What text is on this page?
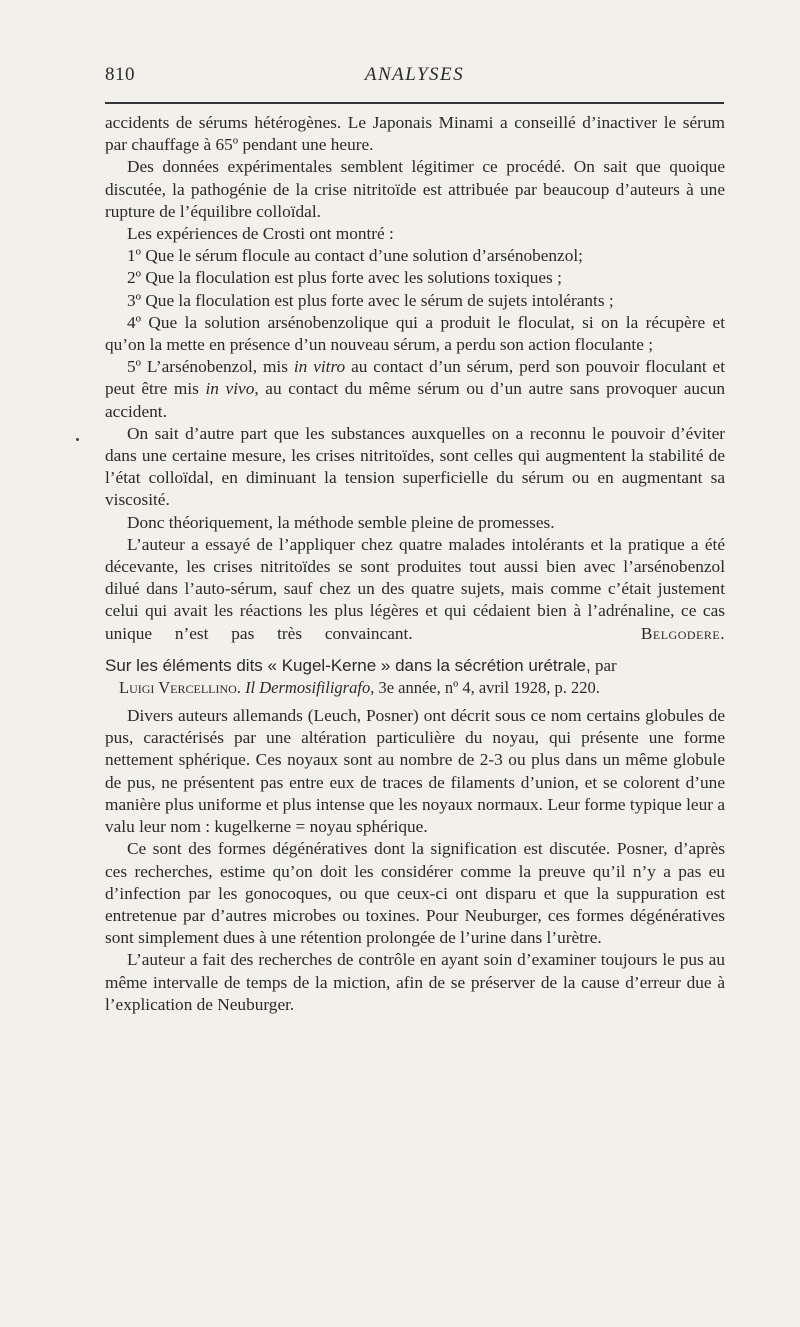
810	ANALYSES

accidents de sérums hétérogènes. Le Japonais Minami a conseillé d’inactiver le sérum par chauffage à 65º pendant une heure.

Des données expérimentales semblent légitimer ce procédé. On sait que quoique discutée, la pathogénie de la crise nitritoïde est attribuée par beaucoup d’auteurs à une rupture de l’équilibre colloïdal.

Les expériences de Crosti ont montré :

1º Que le sérum flocule au contact d’une solution d’arsénobenzol;

2º Que la floculation est plus forte avec les solutions toxiques ;

3º Que la floculation est plus forte avec le sérum de sujets intolérants ;

4º Que la solution arsénobenzolique qui a produit le floculat, si on la récupère et qu’on la mette en présence d’un nouveau sérum, a perdu son action floculante ;

5º L’arsénobenzol, mis in vitro au contact d’un sérum, perd son pouvoir floculant et peut être mis in vivo, au contact du même sérum ou d’un autre sans provoquer aucun accident.

On sait d’autre part que les substances auxquelles on a reconnu le pouvoir d’éviter dans une certaine mesure, les crises nitritoïdes, sont celles qui augmentent la stabilité de l’état colloïdal, en diminuant la tension superficielle du sérum ou en augmentant sa viscosité.

Donc théoriquement, la méthode semble pleine de promesses.

L’auteur a essayé de l’appliquer chez quatre malades intolérants et la pratique a été décevante, les crises nitritoïdes se sont produites tout aussi bien avec l’arsénobenzol dilué dans l’auto-sérum, sauf chez un des quatre sujets, mais comme c’était justement celui qui avait les réactions les plus légères et qui cédaient bien à l’adrénaline, ce cas unique n’est pas très convaincant.	Belgodere.

Sur les éléments dits « Kugel-Kerne » dans la sécrétion urétrale, par

Luigi Vercellino. Il Dermosifiligrafo, 3e année, nº 4, avril 1928, p. 220.

Divers auteurs allemands (Leuch, Posner) ont décrit sous ce nom certains globules de pus, caractérisés par une altération particulière du noyau, qui présente une forme nettement sphérique. Ces noyaux sont au nombre de 2-3 ou plus dans un même globule de pus, ne présentent pas entre eux de traces de filaments d’union, et se colorent d’une manière plus uniforme et plus intense que les noyaux normaux. Leur forme typique leur a valu leur nom : kugelkerne = noyau sphérique.

Ce sont des formes dégénératives dont la signification est discutée. Posner, d’après ces recherches, estime qu’on doit les considérer comme la preuve qu’il n’y a pas eu d’infection par les gonocoques, ou que ceux-ci ont disparu et que la suppuration est entretenue par d’autres microbes ou toxines. Pour Neuburger, ces formes dégénératives sont simplement dues à une rétention prolongée de l’urine dans l’urètre.

L’auteur a fait des recherches de contrôle en ayant soin d’examiner toujours le pus au même intervalle de temps de la miction, afin de se préserver de la cause d’erreur due à l’explication de Neuburger.
